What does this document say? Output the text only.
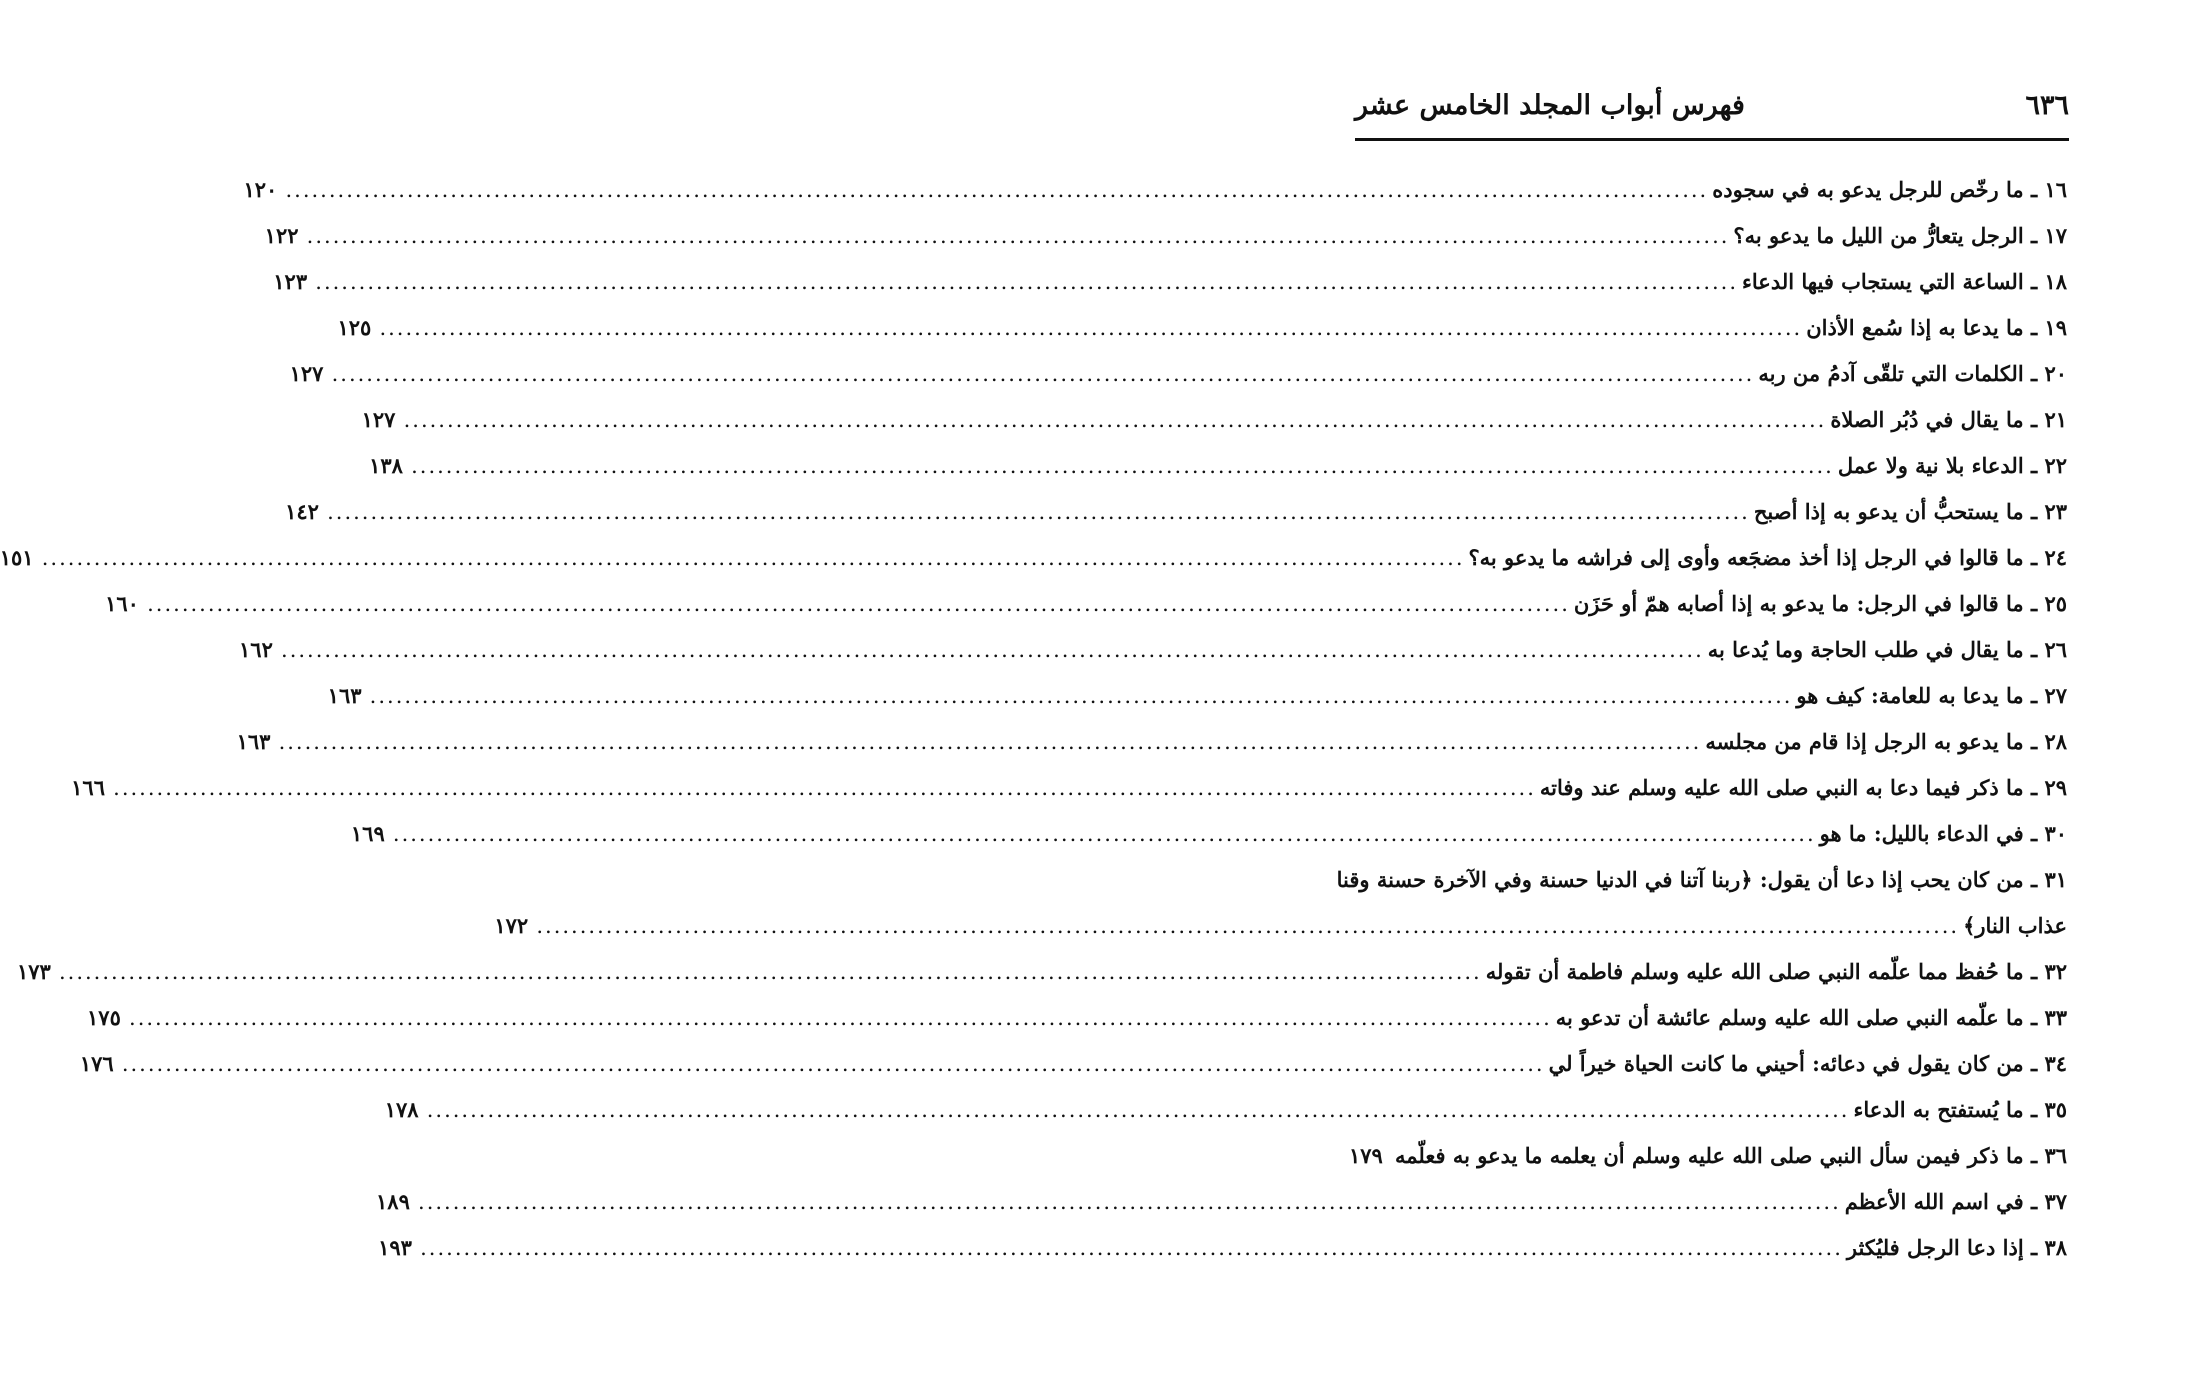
٦٣٦
فهرس أبواب المجلد الخامس عشر
١٦ ـ ما رخّص للرجل يدعو به في سجوده
....................................................................................................................................................................
١٢٠
١٧ ـ الرجل يتعارُّ من الليل ما يدعو به؟
....................................................................................................................................................................
١٢٢
١٨ ـ الساعة التي يستجاب فيها الدعاء
....................................................................................................................................................................
١٢٣
١٩ ـ ما يدعا به إذا سُمع الأذان
....................................................................................................................................................................
١٢٥
٢٠ ـ الكلمات التي تلقّى آدمُ من ربه
....................................................................................................................................................................
١٢٧
٢١ ـ ما يقال في دُبُر الصلاة
....................................................................................................................................................................
١٢٧
٢٢ ـ الدعاء بلا نية ولا عمل
....................................................................................................................................................................
١٣٨
٢٣ ـ ما يستحبُّ أن يدعو به إذا أصبح
....................................................................................................................................................................
١٤٢
٢٤ ـ ما قالوا في الرجل إذا أخذ مضجَعه وأوى إلى فراشه ما يدعو به؟
....................................................................................................................................................................
١٥١
٢٥ ـ ما قالوا في الرجل: ما يدعو به إذا أصابه همّ أو حَزَن
....................................................................................................................................................................
١٦٠
٢٦ ـ ما يقال في طلب الحاجة وما يُدعا به
....................................................................................................................................................................
١٦٢
٢٧ ـ ما يدعا به للعامة: كيف هو
....................................................................................................................................................................
١٦٣
٢٨ ـ ما يدعو به الرجل إذا قام من مجلسه
....................................................................................................................................................................
١٦٣
٢٩ ـ ما ذكر فيما دعا به النبي صلى الله عليه وسلم عند وفاته
....................................................................................................................................................................
١٦٦
٣٠ ـ في الدعاء بالليل: ما هو
....................................................................................................................................................................
١٦٩
٣١ ـ من كان يحب إذا دعا أن يقول: ﴿ربنا آتنا في الدنيا حسنة وفي الآخرة حسنة وقنا
عذاب النار﴾
....................................................................................................................................................................
١٧٢
٣٢ ـ ما حُفظ مما علّمه النبي صلى الله عليه وسلم فاطمة أن تقوله
....................................................................................................................................................................
١٧٣
٣٣ ـ ما علّمه النبي صلى الله عليه وسلم عائشة أن تدعو به
....................................................................................................................................................................
١٧٥
٣٤ ـ من كان يقول في دعائه: أحيني ما كانت الحياة خيراً لي
....................................................................................................................................................................
١٧٦
٣٥ ـ ما يُستفتح به الدعاء
....................................................................................................................................................................
١٧٨
٣٦ ـ ما ذكر فيمن سأل النبي صلى الله عليه وسلم أن يعلمه ما يدعو به فعلّمه
١٧٩
٣٧ ـ في اسم الله الأعظم
....................................................................................................................................................................
١٨٩
٣٨ ـ إذا دعا الرجل فليُكثر
....................................................................................................................................................................
١٩٣
